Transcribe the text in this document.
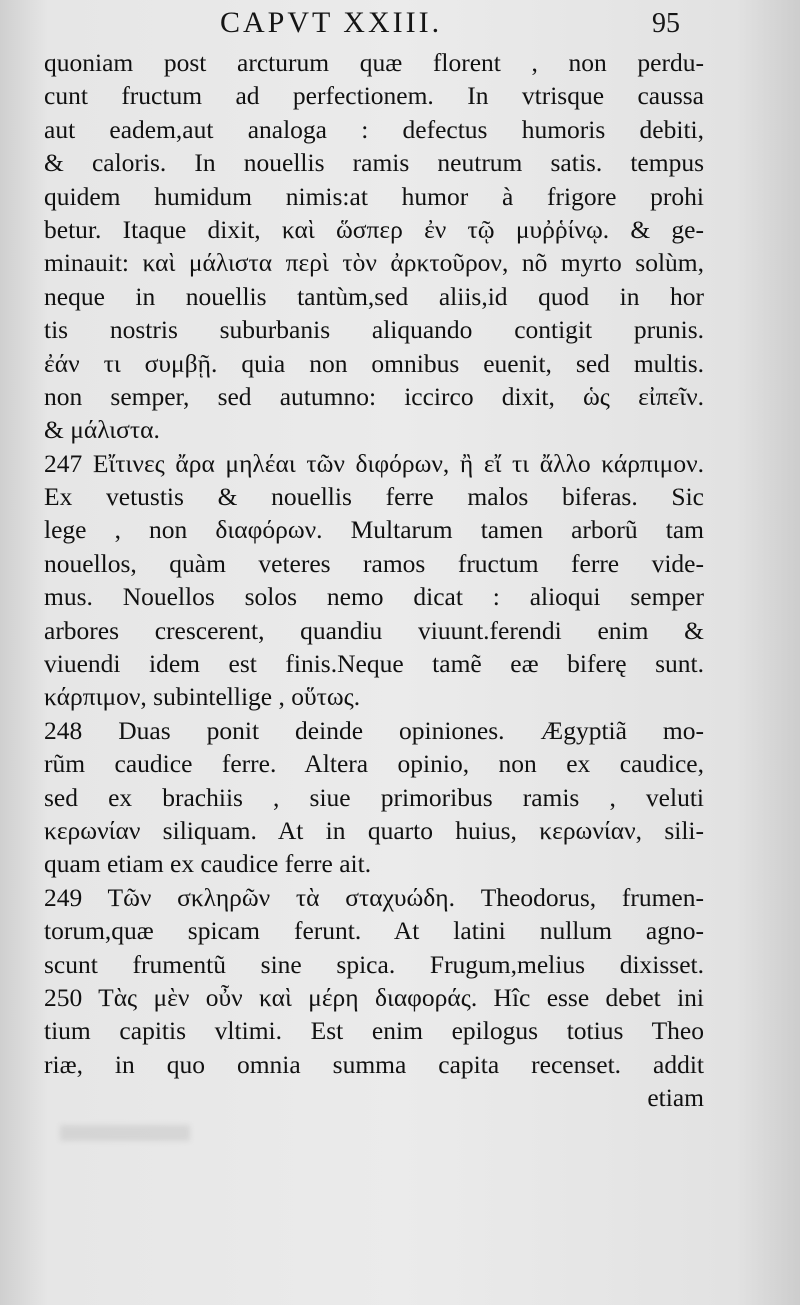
CAPVT XXIII.	95
quoniam post arcturum quæ florent , non perdu-
cunt fructum ad perfectionem. In vtrisque caussa
aut eadem,aut analoga : defectus humoris debiti,
& caloris. In nouellis ramis neutrum satis. tempus
quidem humidum nimis:at humor à frigore prohi
betur. Itaque dixit, καὶ ὥσπερ ἐν τῷ μυῤῥίνῳ. & ge-
minauit: καὶ μάλιστα περὶ τὸν ἀρκτοῦρον, nõ myrto solùm,
neque in nouellis tantùm,sed aliis,id quod in hor
tis nostris suburbanis aliquando contigit prunis.
ἐάν τι συμβῇ. quia non omnibus euenit, sed multis.
non semper, sed autumno: iccirco dixit, ὡς εἰπεῖν.
& μάλιστα.
247 Εἴτινες ἄρα μηλέαι τῶν διφόρων, ἢ εἴ τι ἄλλο κάρπιμον.
Ex vetustis & nouellis ferre malos biferas. Sic
lege , non διαφόρων. Multarum tamen arborũ tam
nouellos, quàm veteres ramos fructum ferre vide-
mus. Nouellos solos nemo dicat : alioqui semper
arbores crescerent, quandiu viuunt.ferendi enim &
viuendi idem est finis.Neque tamẽ eæ biferę sunt.
κάρπιμον, subintellige , οὕτως.
248 Duas ponit deinde opiniones. Ægyptiã mo-
rũm caudice ferre. Altera opinio, non ex caudice,
sed ex brachiis , siue primoribus ramis , veluti
κερωνίαν siliquam. At in quarto huius, κερωνίαν, sili-
quam etiam ex caudice ferre ait.
249 Τῶν σκληρῶν τὰ σταχυώδη. Theodorus, frumen-
torum,quæ spicam ferunt. At latini nullum agno-
scunt frumentũ sine spica. Frugum,melius dixisset.
250 Τὰς μὲν οὖν καὶ μέρη διαφοράς. Hîc esse debet ini
tium capitis vltimi. Est enim epilogus totius Theo
riæ, in quo omnia summa capita recenset. addit
etiam
